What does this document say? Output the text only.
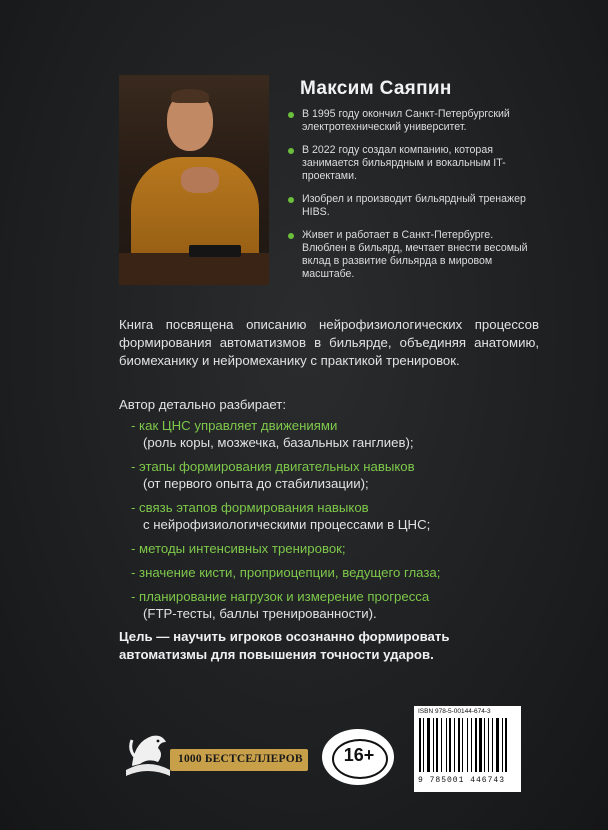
Максим Саяпин
В 1995 году окончил Санкт-Петербургский электротехнический университет.
В 2022 году создал компанию, которая занимается бильярдным и вокальным IT-проектами.
Изобрел и производит бильярдный тренажер HIBS.
Живет и работает в Санкт-Петербурге. Влюблен в бильярд, мечтает внести весомый вклад в развитие бильярда в мировом масштабе.
Книга посвящена описанию нейрофизиологических процессов формирования автоматизмов в бильярде, объединяя анатомию, биомеханику и нейромеханику с практикой тренировок.
Автор детально разбирает:
- как ЦНС управляет движениями
(роль коры, мозжечка, базальных ганглиев);
- этапы формирования двигательных навыков
(от первого опыта до стабилизации);
- связь этапов формирования навыков
с нейрофизиологическими процессами в ЦНС;
- методы интенсивных тренировок;
- значение кисти, проприоцепции, ведущего глаза;
- планирование нагрузок и измерение прогресса
(FTP-тесты, баллы тренированности).
Цель — научить игроков осознанно формировать автоматизмы для повышения точности ударов.
1000 БЕСТСЕЛЛЕРОВ	16+
ISBN 978-5-00144-674-3
9 785001 446743
